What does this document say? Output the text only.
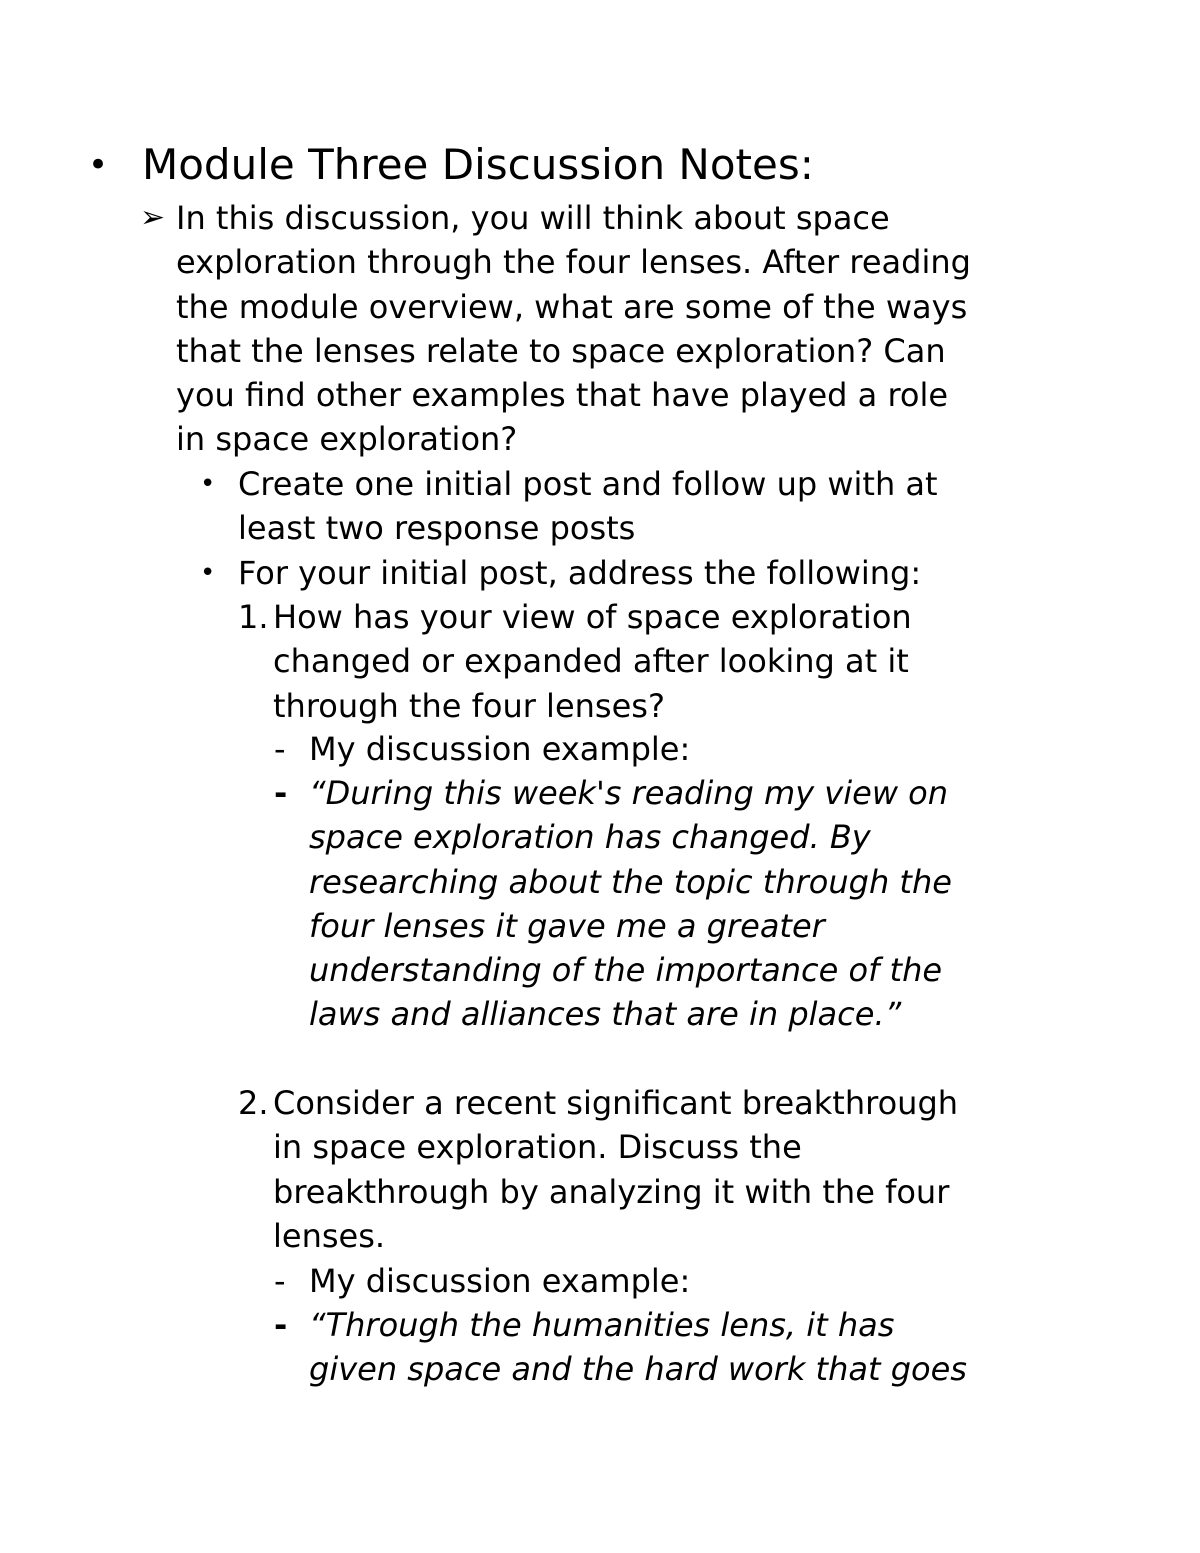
• Module Three Discussion Notes:
➢ In this discussion, you will think about space
exploration through the four lenses. After reading
the module overview, what are some of the ways
that the lenses relate to space exploration? Can
you find other examples that have played a role
in space exploration?
• Create one initial post and follow up with at
least two response posts
• For your initial post, address the following:
1. How has your view of space exploration
changed or expanded after looking at it
through the four lenses?
- My discussion example:
- “During this week's reading my view on
space exploration has changed. By
researching about the topic through the
four lenses it gave me a greater
understanding of the importance of the
laws and alliances that are in place.”
2. Consider a recent significant breakthrough
in space exploration. Discuss the
breakthrough by analyzing it with the four
lenses.
- My discussion example:
- “Through the humanities lens, it has
given space and the hard work that goes
